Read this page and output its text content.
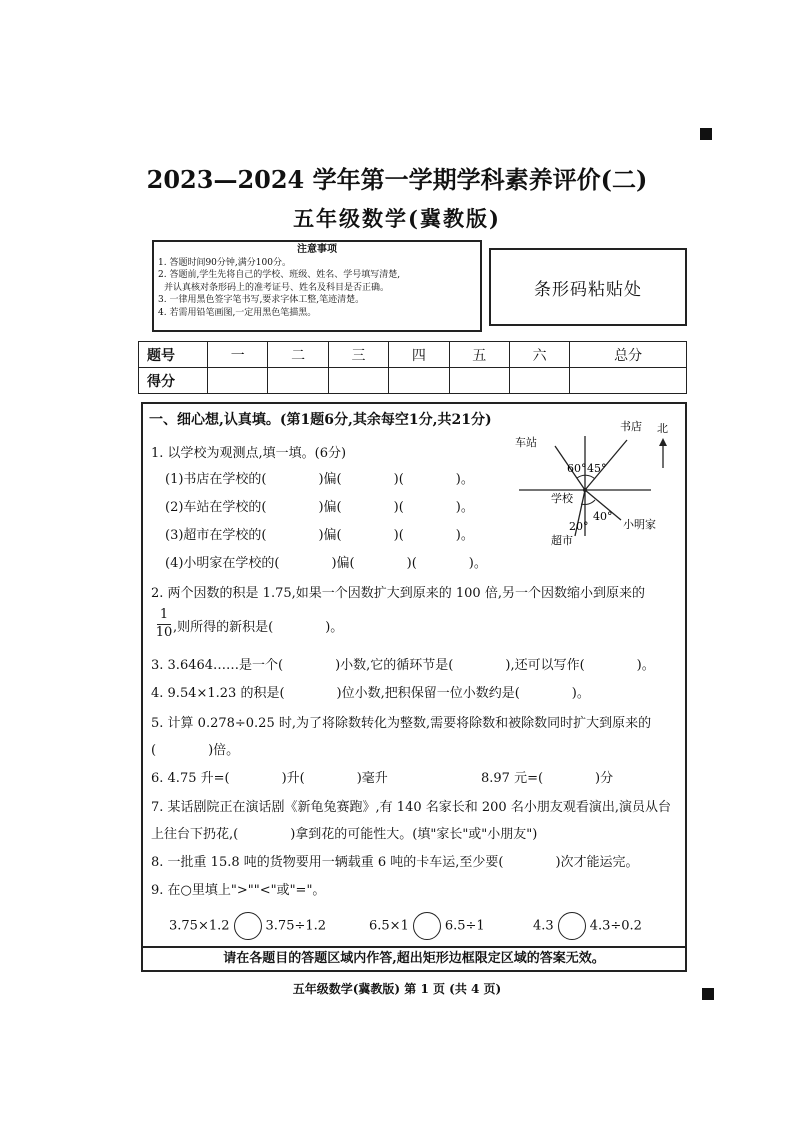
2023—2024 学年第一学期学科素养评价(二)
五年级数学(冀教版)
注意事项
1. 答题时间90分钟,满分100分。
2. 答题前,学生先将自己的学校、班级、姓名、学号填写清楚,
并认真核对条形码上的准考证号、姓名及科目是否正确。
3. 一律用黑色签字笔书写,要求字体工整,笔迹清楚。
4. 若需用铅笔画图,一定用黑色笔描黑。
条形码粘贴处
题号	一	二	三	四	五	六	总分
得分							
一、细心想,认真填。(第1题6分,其余每空1分,共21分)
1. 以学校为观测点,填一填。(6分)
(1)书店在学校的(　　　　)偏(　　　　)(　　　　)。
(2)车站在学校的(　　　　)偏(　　　　)(　　　　)。
(3)超市在学校的(　　　　)偏(　　　　)(　　　　)。
(4)小明家在学校的(　　　　)偏(　　　　)(　　　　)。
车站
书店
60° 45°
学校
40°
20°	小明家
超市
北
2. 两个因数的积是 1.75,如果一个因数扩大到原来的 100 倍,另一个因数缩小到原来的
1
10 ,则所得的新积是(　　　　)。
3. 3.6464……是一个(　　　　)小数,它的循环节是(　　　　),还可以写作(　　　　)。
4. 9.54×1.23 的积是(　　　　)位小数,把积保留一位小数约是(　　　　)。
5. 计算 0.278÷0.25 时,为了将除数转化为整数,需要将除数和被除数同时扩大到原来的
(　　　　)倍。
6. 4.75 升=(　　　　)升(　　　　)毫升	8.97 元=(　　　　)分
7. 某话剧院正在演话剧《新龟兔赛跑》,有 140 名家长和 200 名小朋友观看演出,演员从台
上往台下扔花,(　　　　)拿到花的可能性大。(填"家长"或"小朋友")
8. 一批重 15.8 吨的货物要用一辆载重 6 吨的卡车运,至少要(　　　　)次才能运完。
9. 在○里填上">""<"或"="。
3.75×1.2	3.75÷1.2	6.5×1	6.5÷1	4.3	4.3÷0.2
请在各题目的答题区域内作答,超出矩形边框限定区域的答案无效。
五年级数学(冀教版) 第 1 页 (共 4 页)
